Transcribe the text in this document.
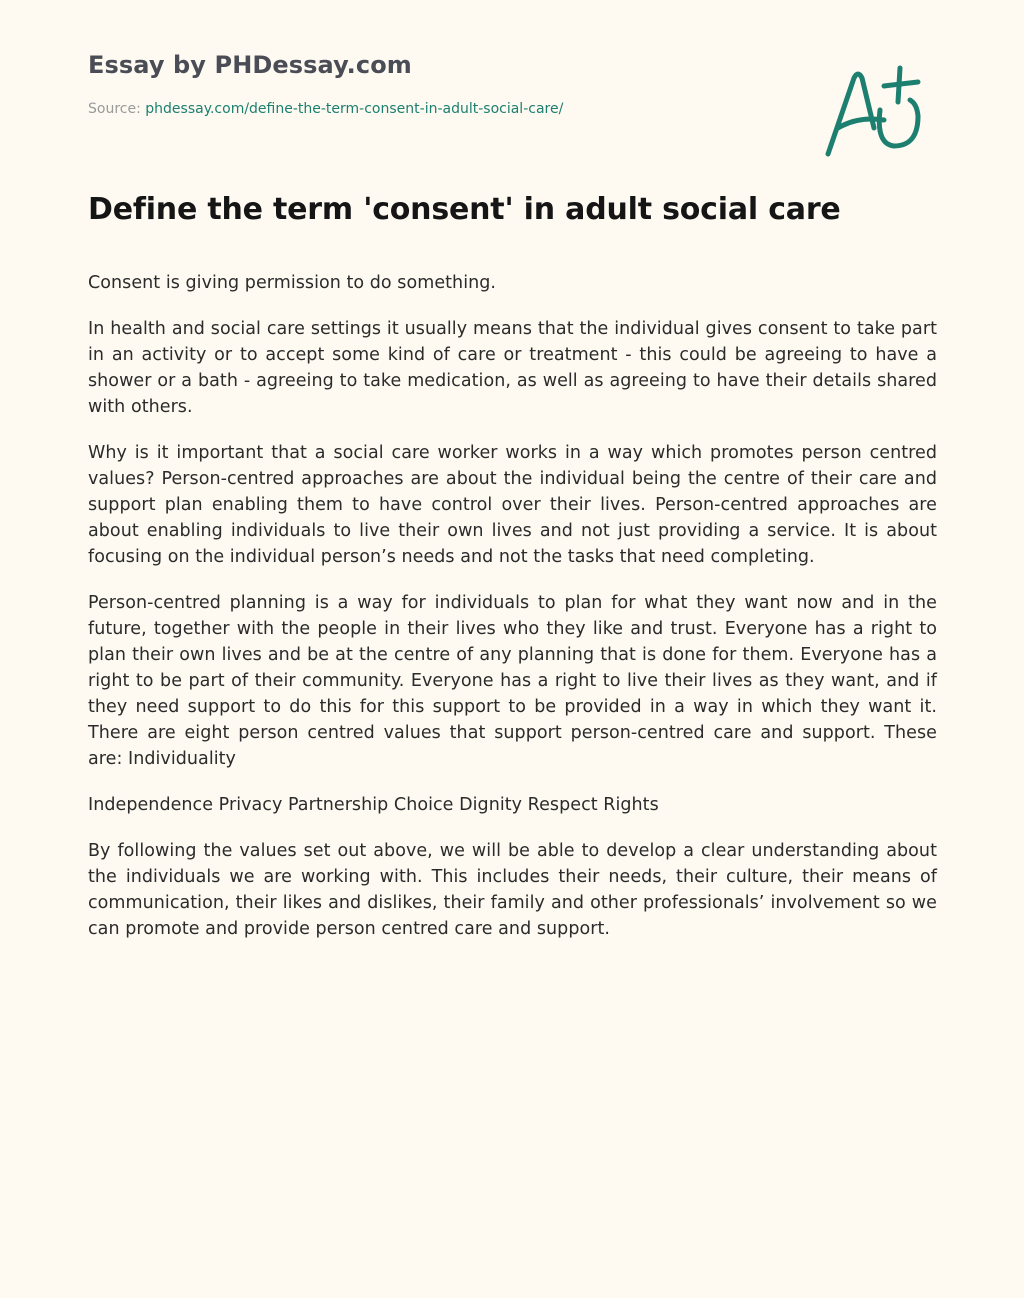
Essay by PHDessay.com
Source: phdessay.com/define-the-term-consent-in-adult-social-care/
Define the term 'consent' in adult social care

Consent is giving permission to do something.

In health and social care settings it usually means that the individual gives consent to take part in an activity or to accept some kind of care or treatment - this could be agreeing to have a shower or a bath - agreeing to take medication, as well as agreeing to have their details shared with others.

Why is it important that a social care worker works in a way which promotes person centred values? Person-centred approaches are about the individual being the centre of their care and support plan enabling them to have control over their lives. Person-centred approaches are about enabling individuals to live their own lives and not just providing a service. It is about focusing on the individual person’s needs and not the tasks that need completing.

Person-centred planning is a way for individuals to plan for what they want now and in the future, together with the people in their lives who they like and trust. Everyone has a right to plan their own lives and be at the centre of any planning that is done for them. Everyone has a right to be part of their community. Everyone has a right to live their lives as they want, and if they need support to do this for this support to be provided in a way in which they want it. There are eight person centred values that support person-centred care and support. These are: Individuality

Independence Privacy Partnership Choice Dignity Respect Rights

By following the values set out above, we will be able to develop a clear understanding about the individuals we are working with. This includes their needs, their culture, their means of communication, their likes and dislikes, their family and other professionals’ involvement so we can promote and provide person centred care and support.
